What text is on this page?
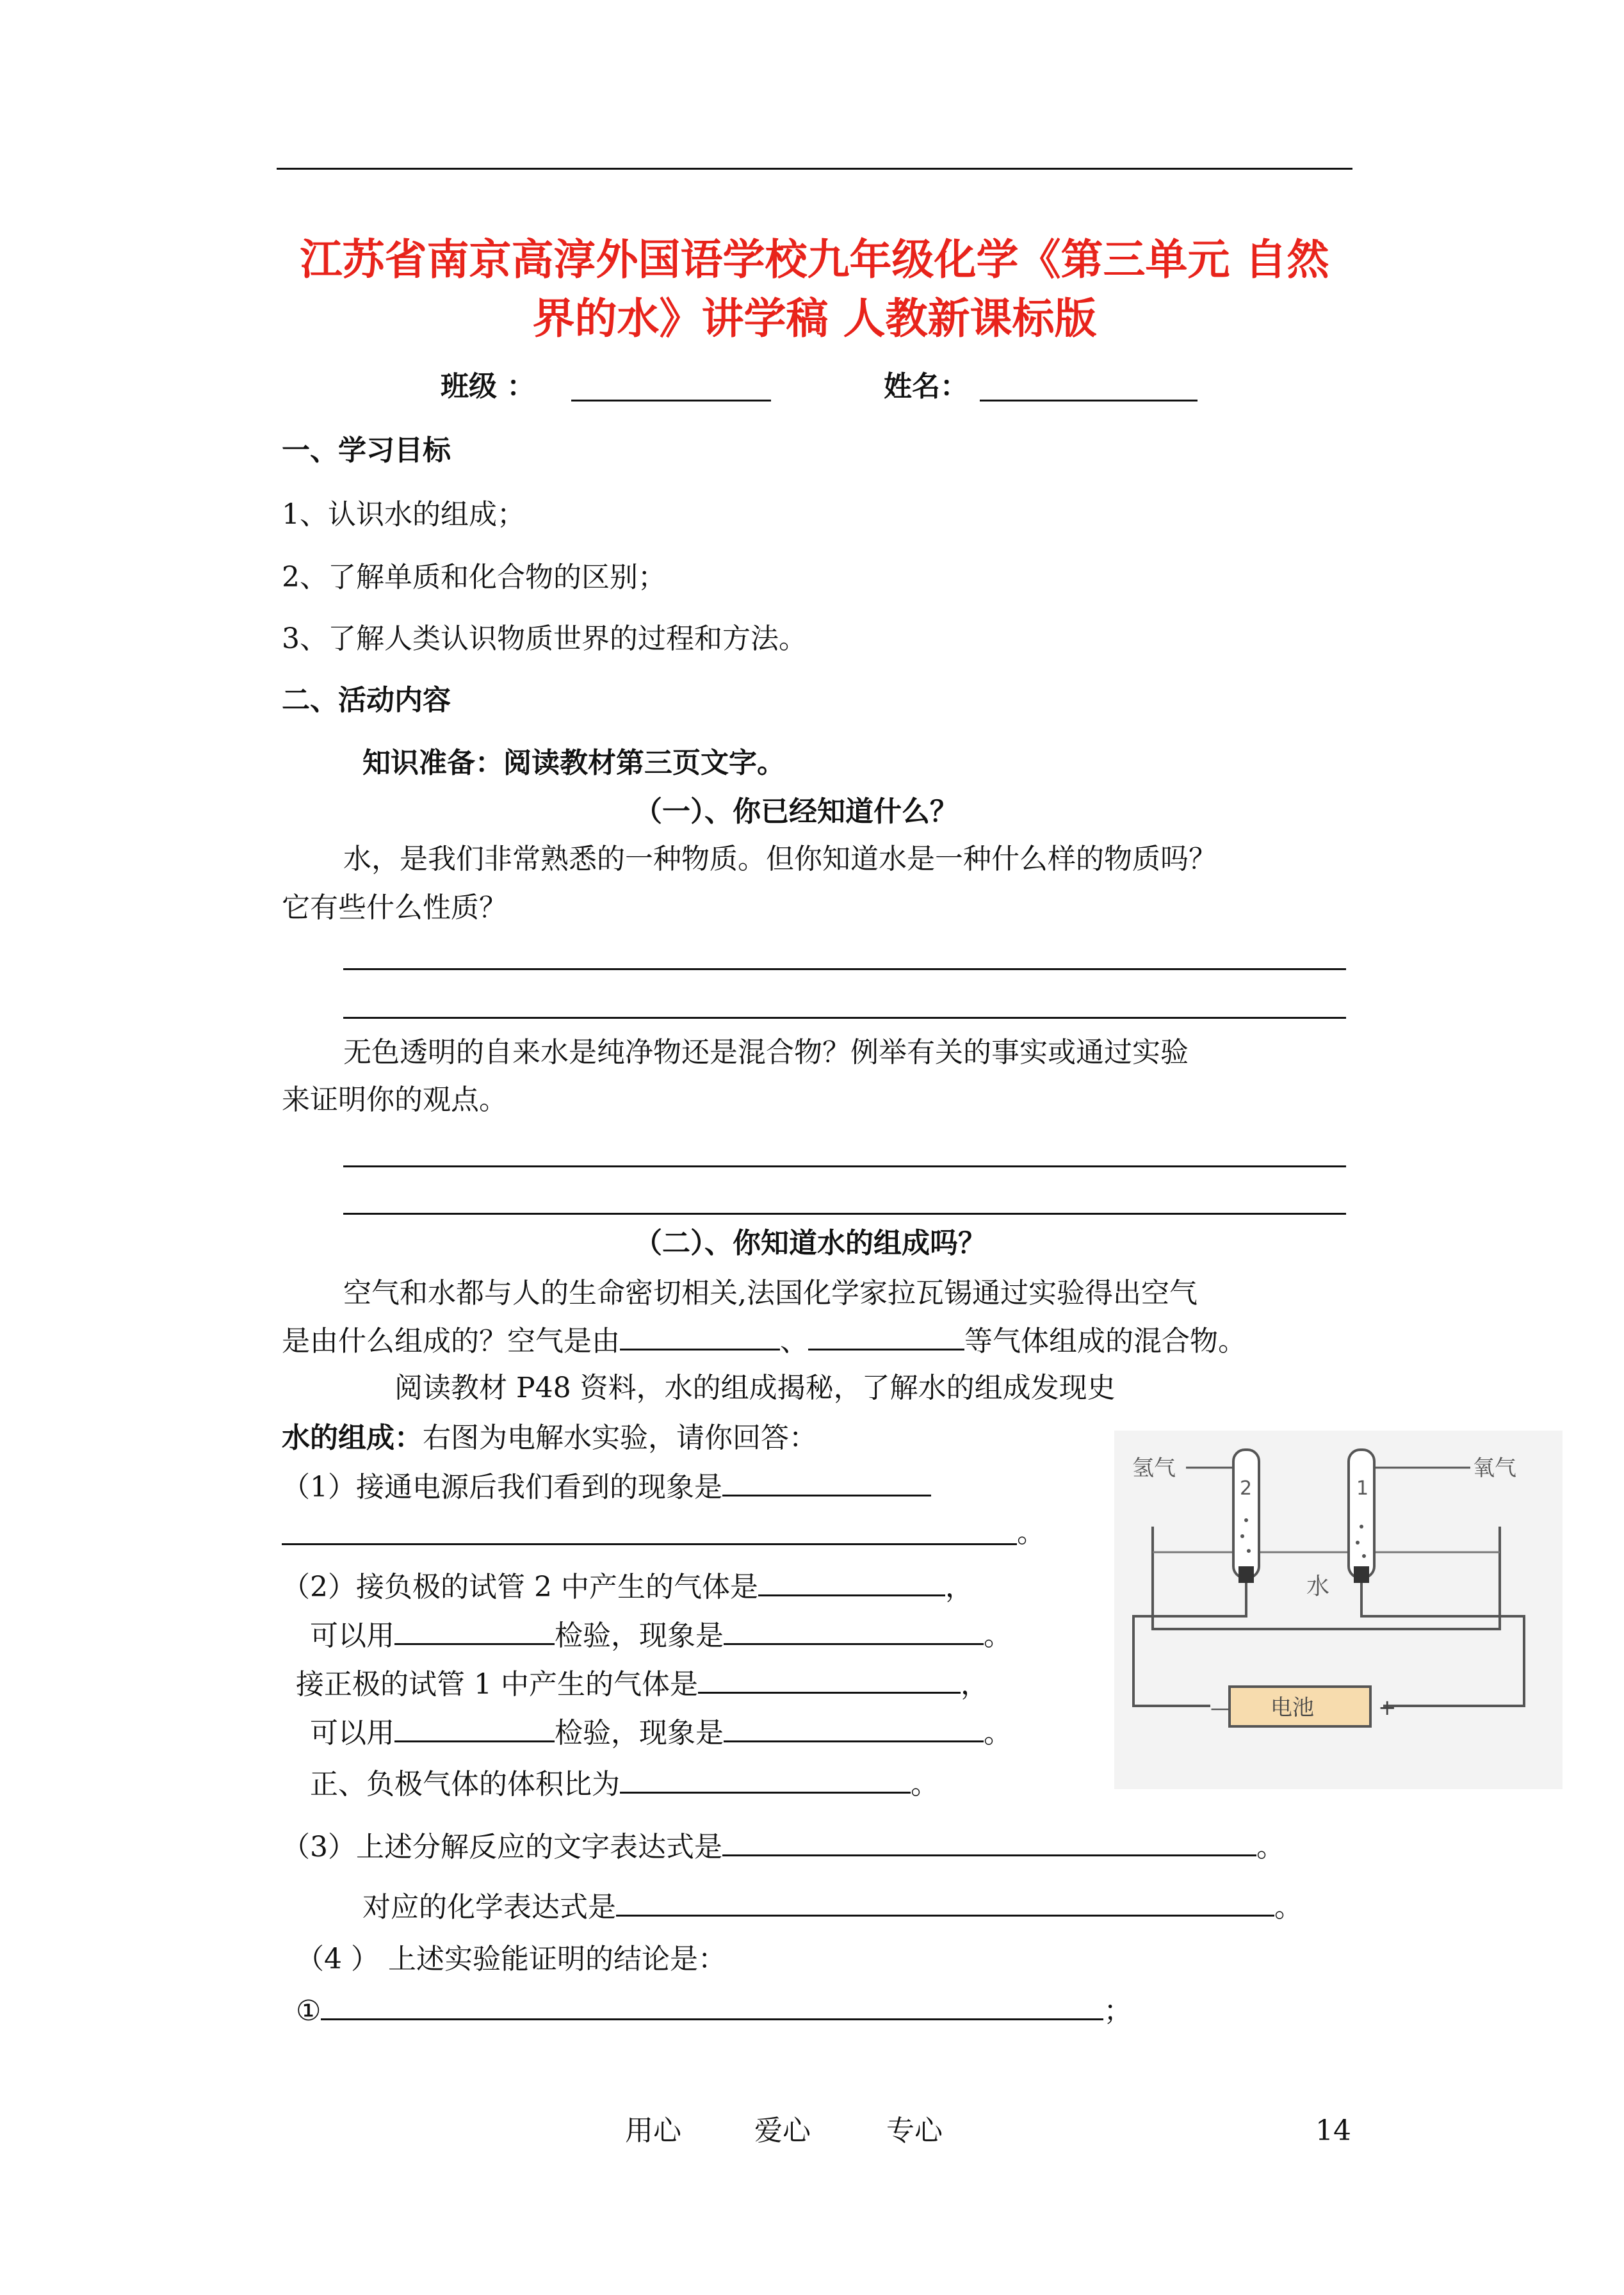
江苏省南京高淳外国语学校九年级化学《第三单元 自然
界的水》讲学稿 人教新课标版
班级 ：	姓名：
一、学习目标
1、认识水的组成；
2、了解单质和化合物的区别；
3、了解人类认识物质世界的过程和方法。
二、活动内容
知识准备：阅读教材第三页文字。
（一）、你已经知道什么？
水，是我们非常熟悉的一种物质。但你知道水是一种什么样的物质吗？
它有些什么性质？
无色透明的自来水是纯净物还是混合物？例举有关的事实或通过实验
来证明你的观点。
（二）、你知道水的组成吗？
空气和水都与人的生命密切相关,法国化学家拉瓦锡通过实验得出空气
是由什么组成的？空气是由	、	等气体组成的混合物。
阅读教材 P48 资料，水的组成揭秘，了解水的组成发现史
水的组成：右图为电解水实验，请你回答：
（1）接通电源后我们看到的现象是
。
（2）接负极的试管 2 中产生的气体是	，
可以用	检验，现象是	。
接正极的试管 1 中产生的气体是	，
可以用	检验，现象是	。
正、负极气体的体积比为	。
（3）上述分解反应的文字表达式是	。
对应的化学表达式是	。
（4 ） 上述实验能证明的结论是：
①	；
氢气	氧气
水
2	1
电池
—	+
用心	爱心	专心	14
